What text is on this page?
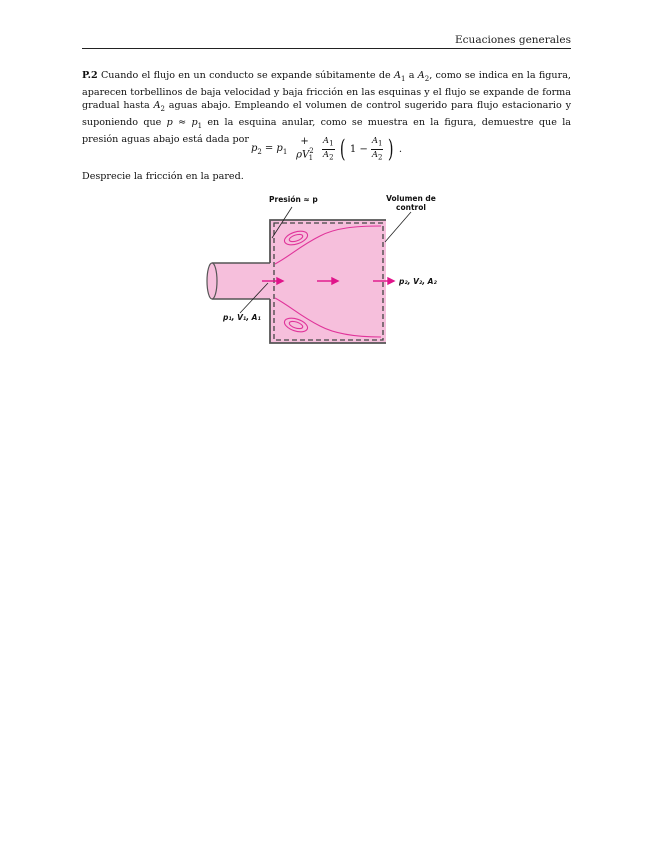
Ecuaciones generales
P.2 Cuando el flujo en un conducto se expande súbitamente de $A_1$ a $A_2$, como se indica en la figura, aparecen torbellinos de baja velocidad y baja fricción en las esquinas y el flujo se expande de forma gradual hasta $A_2$ aguas abajo. Empleando el volumen de control sugerido para flujo estacionario y suponiendo que $p \approx p_1$ en la esquina anular, como se muestra en la figura, demuestre que la presión aguas abajo está dada por
$p_2 = p_1$
+ $\rho V^2_1$	$\frac{A_1}{A_2}$ ( $1 - \frac{A_1}{A_2}$ ) .
Desprecie la fricción en la pared.
Presión ≈ p	Volumen de
control
p₂, V₂, A₂
p₁, V₁, A₁
